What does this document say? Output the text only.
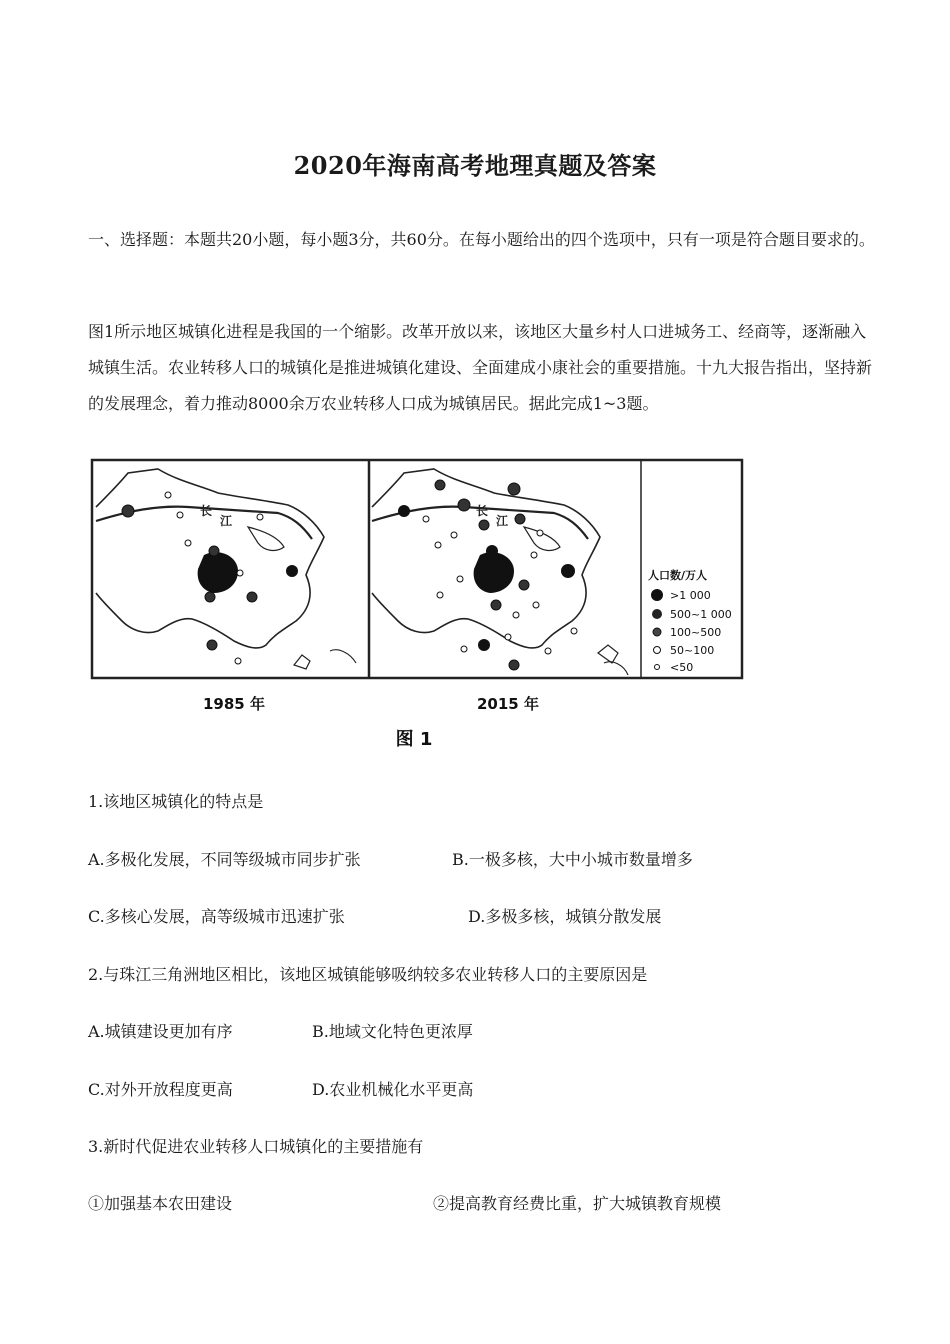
2020年海南高考地理真题及答案

一、选择题：本题共20小题，每小题3分，共60分。在每小题给出的四个选项中，只有一项是符合题目要求的。

图1所示地区城镇化进程是我国的一个缩影。改革开放以来，该地区大量乡村人口进城务工、经商等，逐渐融入城镇生活。农业转移人口的城镇化是推进城镇化建设、全面建成小康社会的重要措施。十九大报告指出，坚持新的发展理念，着力推动8000余万农业转移人口成为城镇居民。据此完成1~3题。

长
江
长
江
人口数/万人
>1 000
500~1 000
100~500
50~100
<50
1985 年	2015 年
图 1
1.该地区城镇化的特点是
A.多极化发展，不同等级城市同步扩张	B.一极多核，大中小城市数量增多
C.多核心发展，高等级城市迅速扩张	D.多极多核，城镇分散发展
2.与珠江三角洲地区相比，该地区城镇能够吸纳较多农业转移人口的主要原因是
A.城镇建设更加有序	B.地域文化特色更浓厚
C.对外开放程度更高	D.农业机械化水平更高
3.新时代促进农业转移人口城镇化的主要措施有
①加强基本农田建设	②提高教育经费比重，扩大城镇教育规模
